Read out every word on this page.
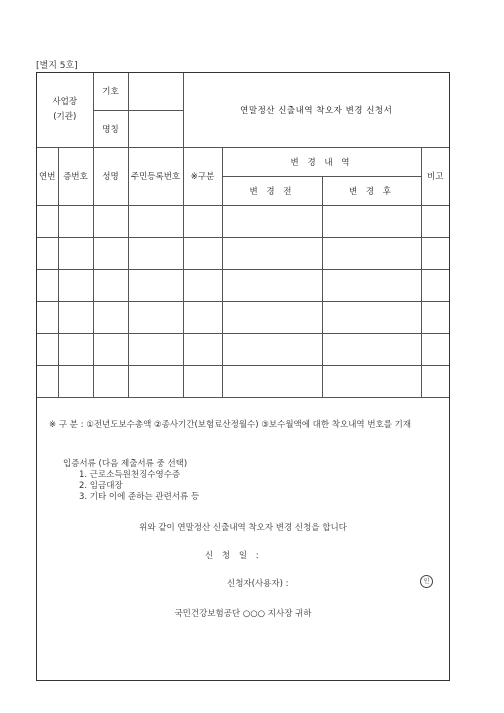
[별지 5호]
사업장
(기관)		기호		연말정산 신출내역 착오자 변경 신청서			
		명칭					
연번	증번호	성명	주민등록번호	※구분	변 경 내 역		비고
					변 경 전	변 경 후	

※ 구 분 : ①전년도보수총액 ②종사기간(보험료산정월수) ③보수월액에 대한 착오내역 번호를 기재

입증서류 (다음 제출서류 중 선택)

1. 근로소득원천징수영수증

2. 임금대장

3. 기타 이에 준하는 관련서류 등

위와 같이 연말정산 신출내역 착오자 변경 신청을 합니다

신 청 일 :

신청자(사용자) :	인

국민건강보험공단 ○○○ 지사장 귀하
